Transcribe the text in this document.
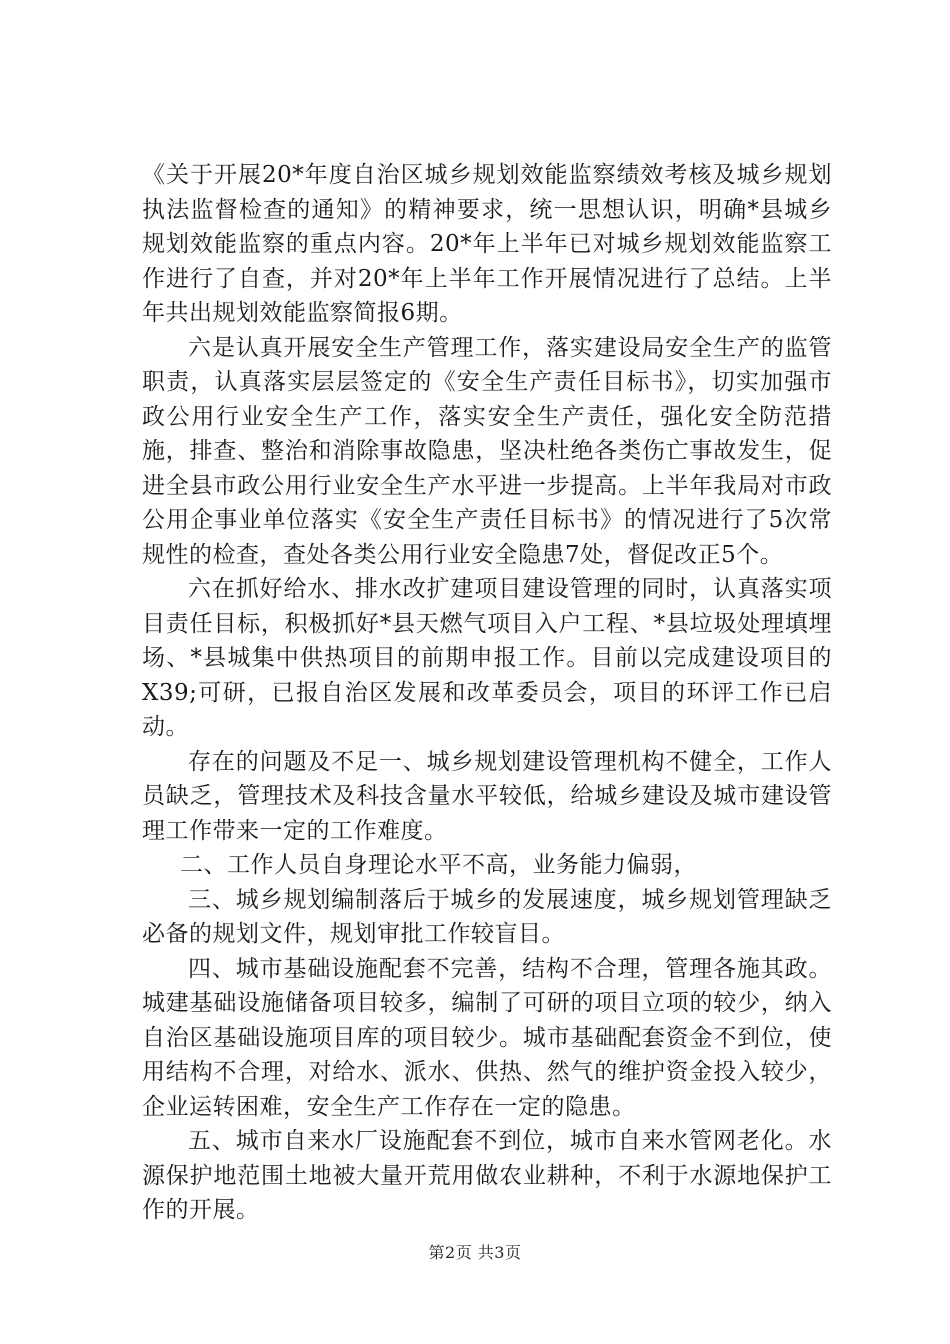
《关于开展20*年度自治区城乡规划效能监察绩效考核及城乡规划执法监督检查的通知》的精神要求，统一思想认识，明确*县城乡规划效能监察的重点内容。20*年上半年已对城乡规划效能监察工作进行了自查，并对20*年上半年工作开展情况进行了总结。上半年共出规划效能监察简报6期。

六是认真开展安全生产管理工作，落实建设局安全生产的监管职责，认真落实层层签定的《安全生产责任目标书》，切实加强市政公用行业安全生产工作，落实安全生产责任，强化安全防范措施，排查、整治和消除事故隐患，坚决杜绝各类伤亡事故发生，促进全县市政公用行业安全生产水平进一步提高。上半年我局对市政公用企事业单位落实《安全生产责任目标书》的情况进行了5次常规性的检查，查处各类公用行业安全隐患7处，督促改正5个。

六在抓好给水、排水改扩建项目建设管理的同时，认真落实项目责任目标，积极抓好*县天燃气项目入户工程、*县垃圾处理填埋场、*县城集中供热项目的前期申报工作。目前以完成建设项目的X39;可研，已报自治区发展和改革委员会，项目的环评工作已启动。

存在的问题及不足一、城乡规划建设管理机构不健全，工作人员缺乏，管理技术及科技含量水平较低，给城乡建设及城市建设管理工作带来一定的工作难度。

二、工作人员自身理论水平不高，业务能力偏弱，

三、城乡规划编制落后于城乡的发展速度，城乡规划管理缺乏必备的规划文件，规划审批工作较盲目。

四、城市基础设施配套不完善，结构不合理，管理各施其政。城建基础设施储备项目较多，编制了可研的项目立项的较少，纳入自治区基础设施项目库的项目较少。城市基础配套资金不到位，使用结构不合理，对给水、派水、供热、然气的维护资金投入较少，企业运转困难，安全生产工作存在一定的隐患。

五、城市自来水厂设施配套不到位，城市自来水管网老化。水源保护地范围土地被大量开荒用做农业耕种，不利于水源地保护工作的开展。

第2页 共3页
